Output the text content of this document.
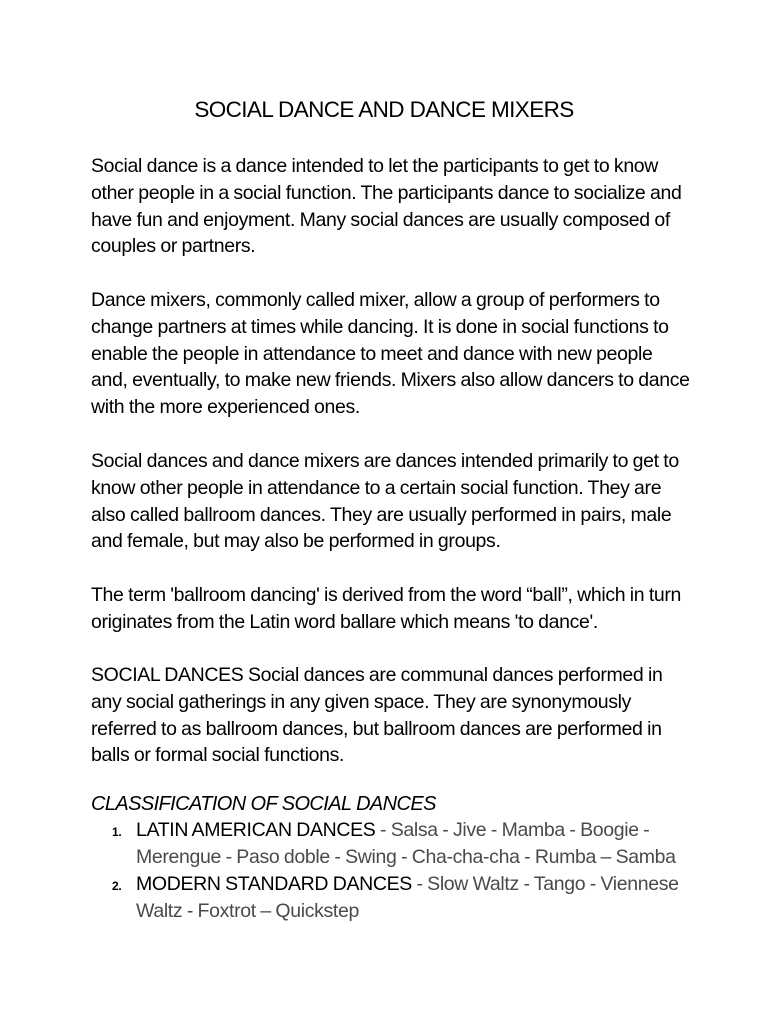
SOCIAL DANCE AND DANCE MIXERS

Social dance is a dance intended to let the participants to get to know other people in a social function. The participants dance to socialize and have fun and enjoyment. Many social dances are usually composed of couples or partners.

Dance mixers, commonly called mixer, allow a group of performers to change partners at times while dancing. It is done in social functions to enable the people in attendance to meet and dance with new people and, eventually, to make new friends. Mixers also allow dancers to dance with the more experienced ones.

Social dances and dance mixers are dances intended primarily to get to know other people in attendance to a certain social function. They are also called ballroom dances. They are usually performed in pairs, male and female, but may also be performed in groups.

The term 'ballroom dancing' is derived from the word “ball”, which in turn originates from the Latin word ballare which means 'to dance'.

SOCIAL DANCES Social dances are communal dances performed in any social gatherings in any given space. They are synonymously referred to as ballroom dances, but ballroom dances are performed in balls or formal social functions.

CLASSIFICATION OF SOCIAL DANCES
1. LATIN AMERICAN DANCES - Salsa - Jive - Mamba - Boogie - Merengue - Paso doble - Swing - Cha-cha-cha - Rumba – Samba
2. MODERN STANDARD DANCES - Slow Waltz - Tango - Viennese Waltz - Foxtrot – Quickstep
